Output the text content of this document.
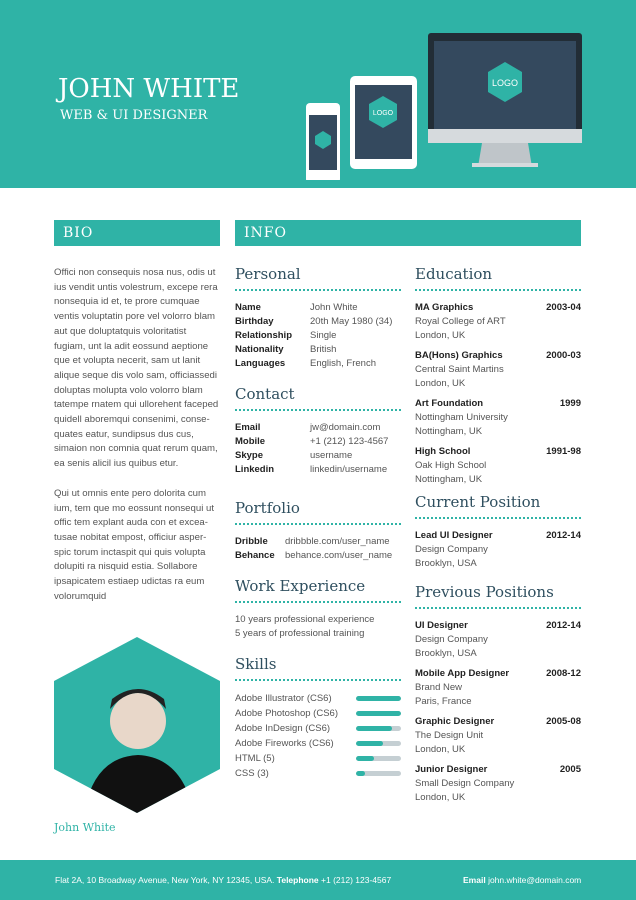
JOHN WHITE
WEB & UI DESIGNER	LOGO
LOGO
BIO	INFO

Offici non consequis nosa nus, odis ut ius vendit untis volestrum, excepe rera nonsequia id et, te prore cumquae ventis voluptatin pore vel volorro blam aut que doluptatquis voloritatist fugiam, unt la adit eossund aeptione que et volupta necerit, sam ut lanit alique seque dis volo sam, officiassedi doluptas molupta volo volorro blam tatempe rnatem qui ullorehent faceped quidell aboremqui consenimi, conse-quates eatur, sundipsus dus cus, simaion non comnia quat rerum quam, ea senis alicil ius quibus etur.

Qui ut omnis ente pero dolorita cum ium, tem que mo eossunt nonsequi ut offic tem explant auda con et excea-tusae nobitat empost, officiur asper-spic torum inctaspit qui quis volupta dolupiti ra nisquid estia. Sollabore ipsapicatem estiaep udictas ra eum volorumquid

John White
Personal
Name	John White
Birthday	20th May 1980 (34)
Relationship	Single
Nationality	British
Languages	English, French
Contact
Email	jw@domain.com
Mobile	+1 (212) 123-4567
Skype	username
Linkedin	linkedin/username
Portfolio
Dribble	dribbble.com/user_name
Behance	behance.com/user_name
Work Experience
10 years professional experience
5 years of professional training
Skills
Adobe Illustrator (CS6)
Adobe Photoshop (CS6)
Adobe InDesign (CS6)
Adobe Fireworks (CS6)
HTML (5)
CSS (3)
Education
MA Graphics	2003-04
Royal College of ART
London, UK
BA(Hons) Graphics	2000-03
Central Saint Martins
London, UK
Art Foundation	1999
Nottingham University
Nottingham, UK
High School	1991-98
Oak High School
Nottingham, UK
Current Position
Lead UI Designer	2012-14
Design Company
Brooklyn, USA
Previous Positions
UI Designer	2012-14
Design Company
Brooklyn, USA
Mobile App Designer	2008-12
Brand New
Paris, France
Graphic Designer	2005-08
The Design Unit
London, UK
Junior Designer	2005
Small Design Company
London, UK
Flat 2A, 10 Broadway Avenue, New York, NY 12345, USA. Telephone +1 (212) 123-4567	Email john.white@domain.com
